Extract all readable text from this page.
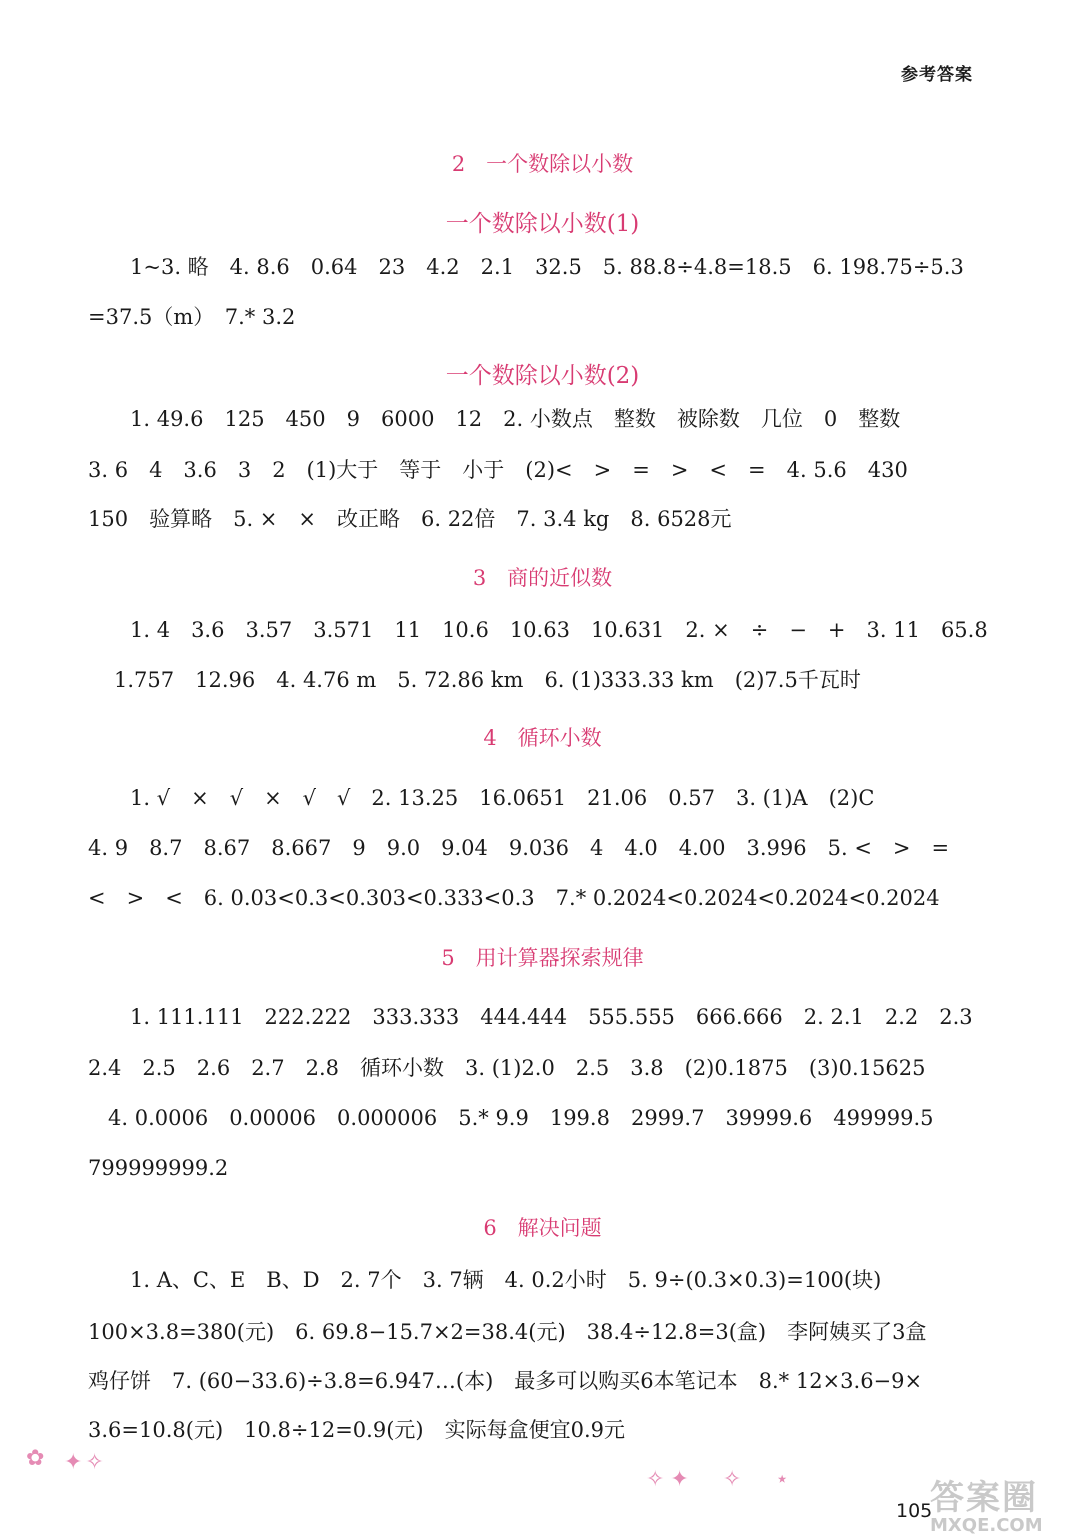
参考答案
2　一个数除以小数
一个数除以小数(1)
1~3. 略　4. 8.6　0.64　23　4.2　2.1　32.5　5. 88.8÷4.8=18.5　6. 198.75÷5.3
=37.5（m）　7.* 3.2
一个数除以小数(2)
1. 49.6　125　450　9　6000　12　2. 小数点　整数　被除数　几位　0　整数
3. 6　4　3.6　3　2　(1)大于　等于　小于　(2)<　>　=　>　<　=　4. 5.6　430
150　验算略　5. ×　×　改正略　6. 22倍　7. 3.4 kg　8. 6528元
3　商的近似数
1. 4　3.6　3.57　3.571　11　10.6　10.63　10.631　2. ×　÷　−　+　3. 11　65.8
1.757　12.96　4. 4.76 m　5. 72.86 km　6. (1)333.33 km　(2)7.5千瓦时
4　循环小数
1. √　×　√　×　√　√　2. 13.25　16.0651　21.06　0.57　3. (1)A　(2)C
4. 9　8.7　8.67　8.667　9　9.0　9.04　9.036　4　4.0　4.00　3.996　5. <　>　=
<　>　<　6. 0.03<0.3<0.303<0.333<0.3　7.* 0.2024<0.2024<0.2024<0.2024
5　用计算器探索规律
1. 111.111　222.222　333.333　444.444　555.555　666.666　2. 2.1　2.2　2.3
2.4　2.5　2.6　2.7　2.8　循环小数　3. (1)2.0　2.5　3.8　(2)0.1875　(3)0.15625
4. 0.0006　0.00006　0.000006　5.* 9.9　199.8　2999.7　39999.6　499999.5
799999999.2
6　解决问题
1. A、C、E　B、D　2. 7个　3. 7辆　4. 0.2小时　5. 9÷(0.3×0.3)=100(块)
100×3.8=380(元)　6. 69.8−15.7×2=38.4(元)　38.4÷12.8=3(盒)　李阿姨买了3盒
鸡仔饼　7. (60−33.6)÷3.8=6.947…(本)　最多可以购买6本笔记本　8.* 12×3.6−9×
3.6=10.8(元)　10.8÷12=0.9(元)　实际每盒便宜0.9元
✿ ✦✧
✧✦　✧　⋆
105
答案圈
MXQE.COM
